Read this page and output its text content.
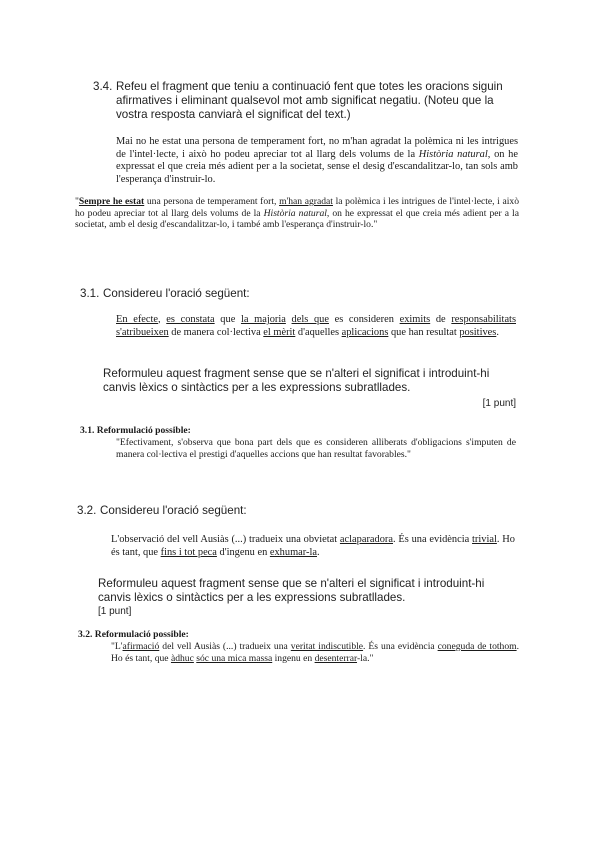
3.4. Refeu el fragment que teniu a continuació fent que totes les oracions siguin afirmatives i eliminant qualsevol mot amb significat negatiu. (Noteu que la vostra resposta canviarà el significat del text.)
Mai no he estat una persona de temperament fort, no m'han agradat la polèmica ni les intrigues de l'intel·lecte, i això ho podeu apreciar tot al llarg dels volums de la Història natural, on he expressat el que creia més adient per a la societat, sense el desig d'escandalitzar-lo, tan sols amb l'esperança d'instruir-lo.
"Sempre he estat una persona de temperament fort, m'han agradat la polèmica i les intrigues de l'intel·lecte, i això ho podeu apreciar tot al llarg dels volums de la Història natural, on he expressat el que creia més adient per a la societat, amb el desig d'escandalitzar-lo, i també amb l'esperança d'instruir-lo."
3.1. Considereu l'oració següent:
En efecte, es constata que la majoria dels que es consideren eximits de responsabilitats s'atribueixen de manera col·lectiva el mèrit d'aquelles aplicacions que han resultat positives.
Reformuleu aquest fragment sense que se n'alteri el significat i introduint-hi canvis lèxics o sintàctics per a les expressions subratllades.
[1 punt]
3.1. Reformulació possible:
"Efectivament, s'observa que bona part dels que es consideren alliberats d'obligacions s'imputen de manera col·lectiva el prestigi d'aquelles accions que han resultat favorables."
3.2. Considereu l'oració següent:
L'observació del vell Ausiàs (...) tradueix una obvietat aclaparadora. És una evidència trivial. Ho és tant, que fins i tot peca d'ingenu en exhumar-la.
Reformuleu aquest fragment sense que se n'alteri el significat i introduint-hi canvis lèxics o sintàctics per a les expressions subratllades.
[1 punt]
3.2. Reformulació possible:
"L'afirmació del vell Ausiàs (...) tradueix una veritat indiscutible. És una evidència coneguda de tothom. Ho és tant, que àdhuc sóc una mica massa ingenu en desenterrar-la."
